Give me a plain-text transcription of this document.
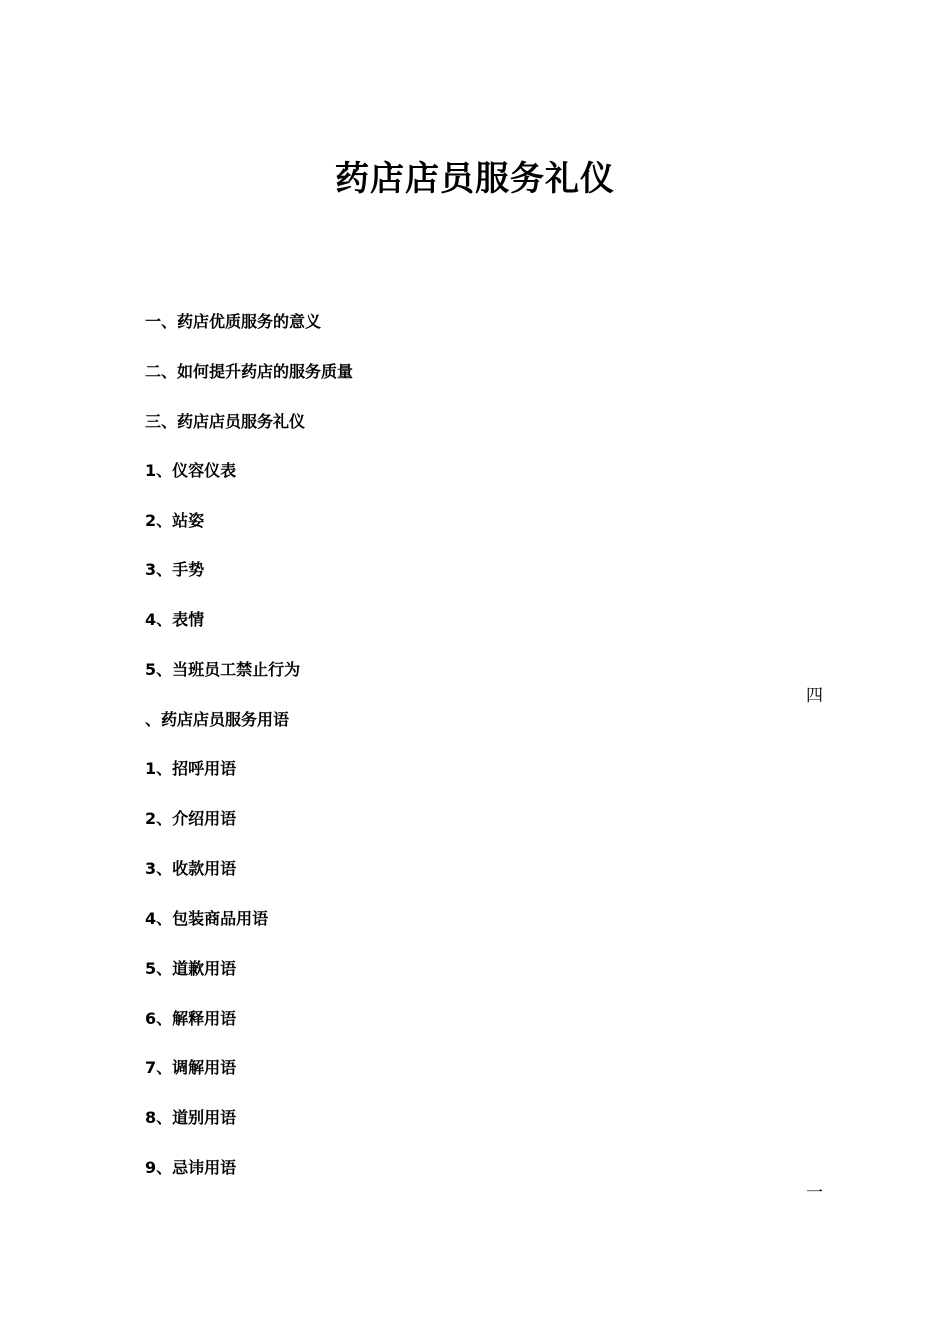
药店店员服务礼仪
一、药店优质服务的意义
二、如何提升药店的服务质量
三、药店店员服务礼仪
1、仪容仪表
2、站姿
3、手势
4、表情
5、当班员工禁止行为
四
、药店店员服务用语
1、招呼用语
2、介绍用语
3、收款用语
4、包装商品用语
5、道歉用语
6、解释用语
7、调解用语
8、道别用语
9、忌讳用语
一
